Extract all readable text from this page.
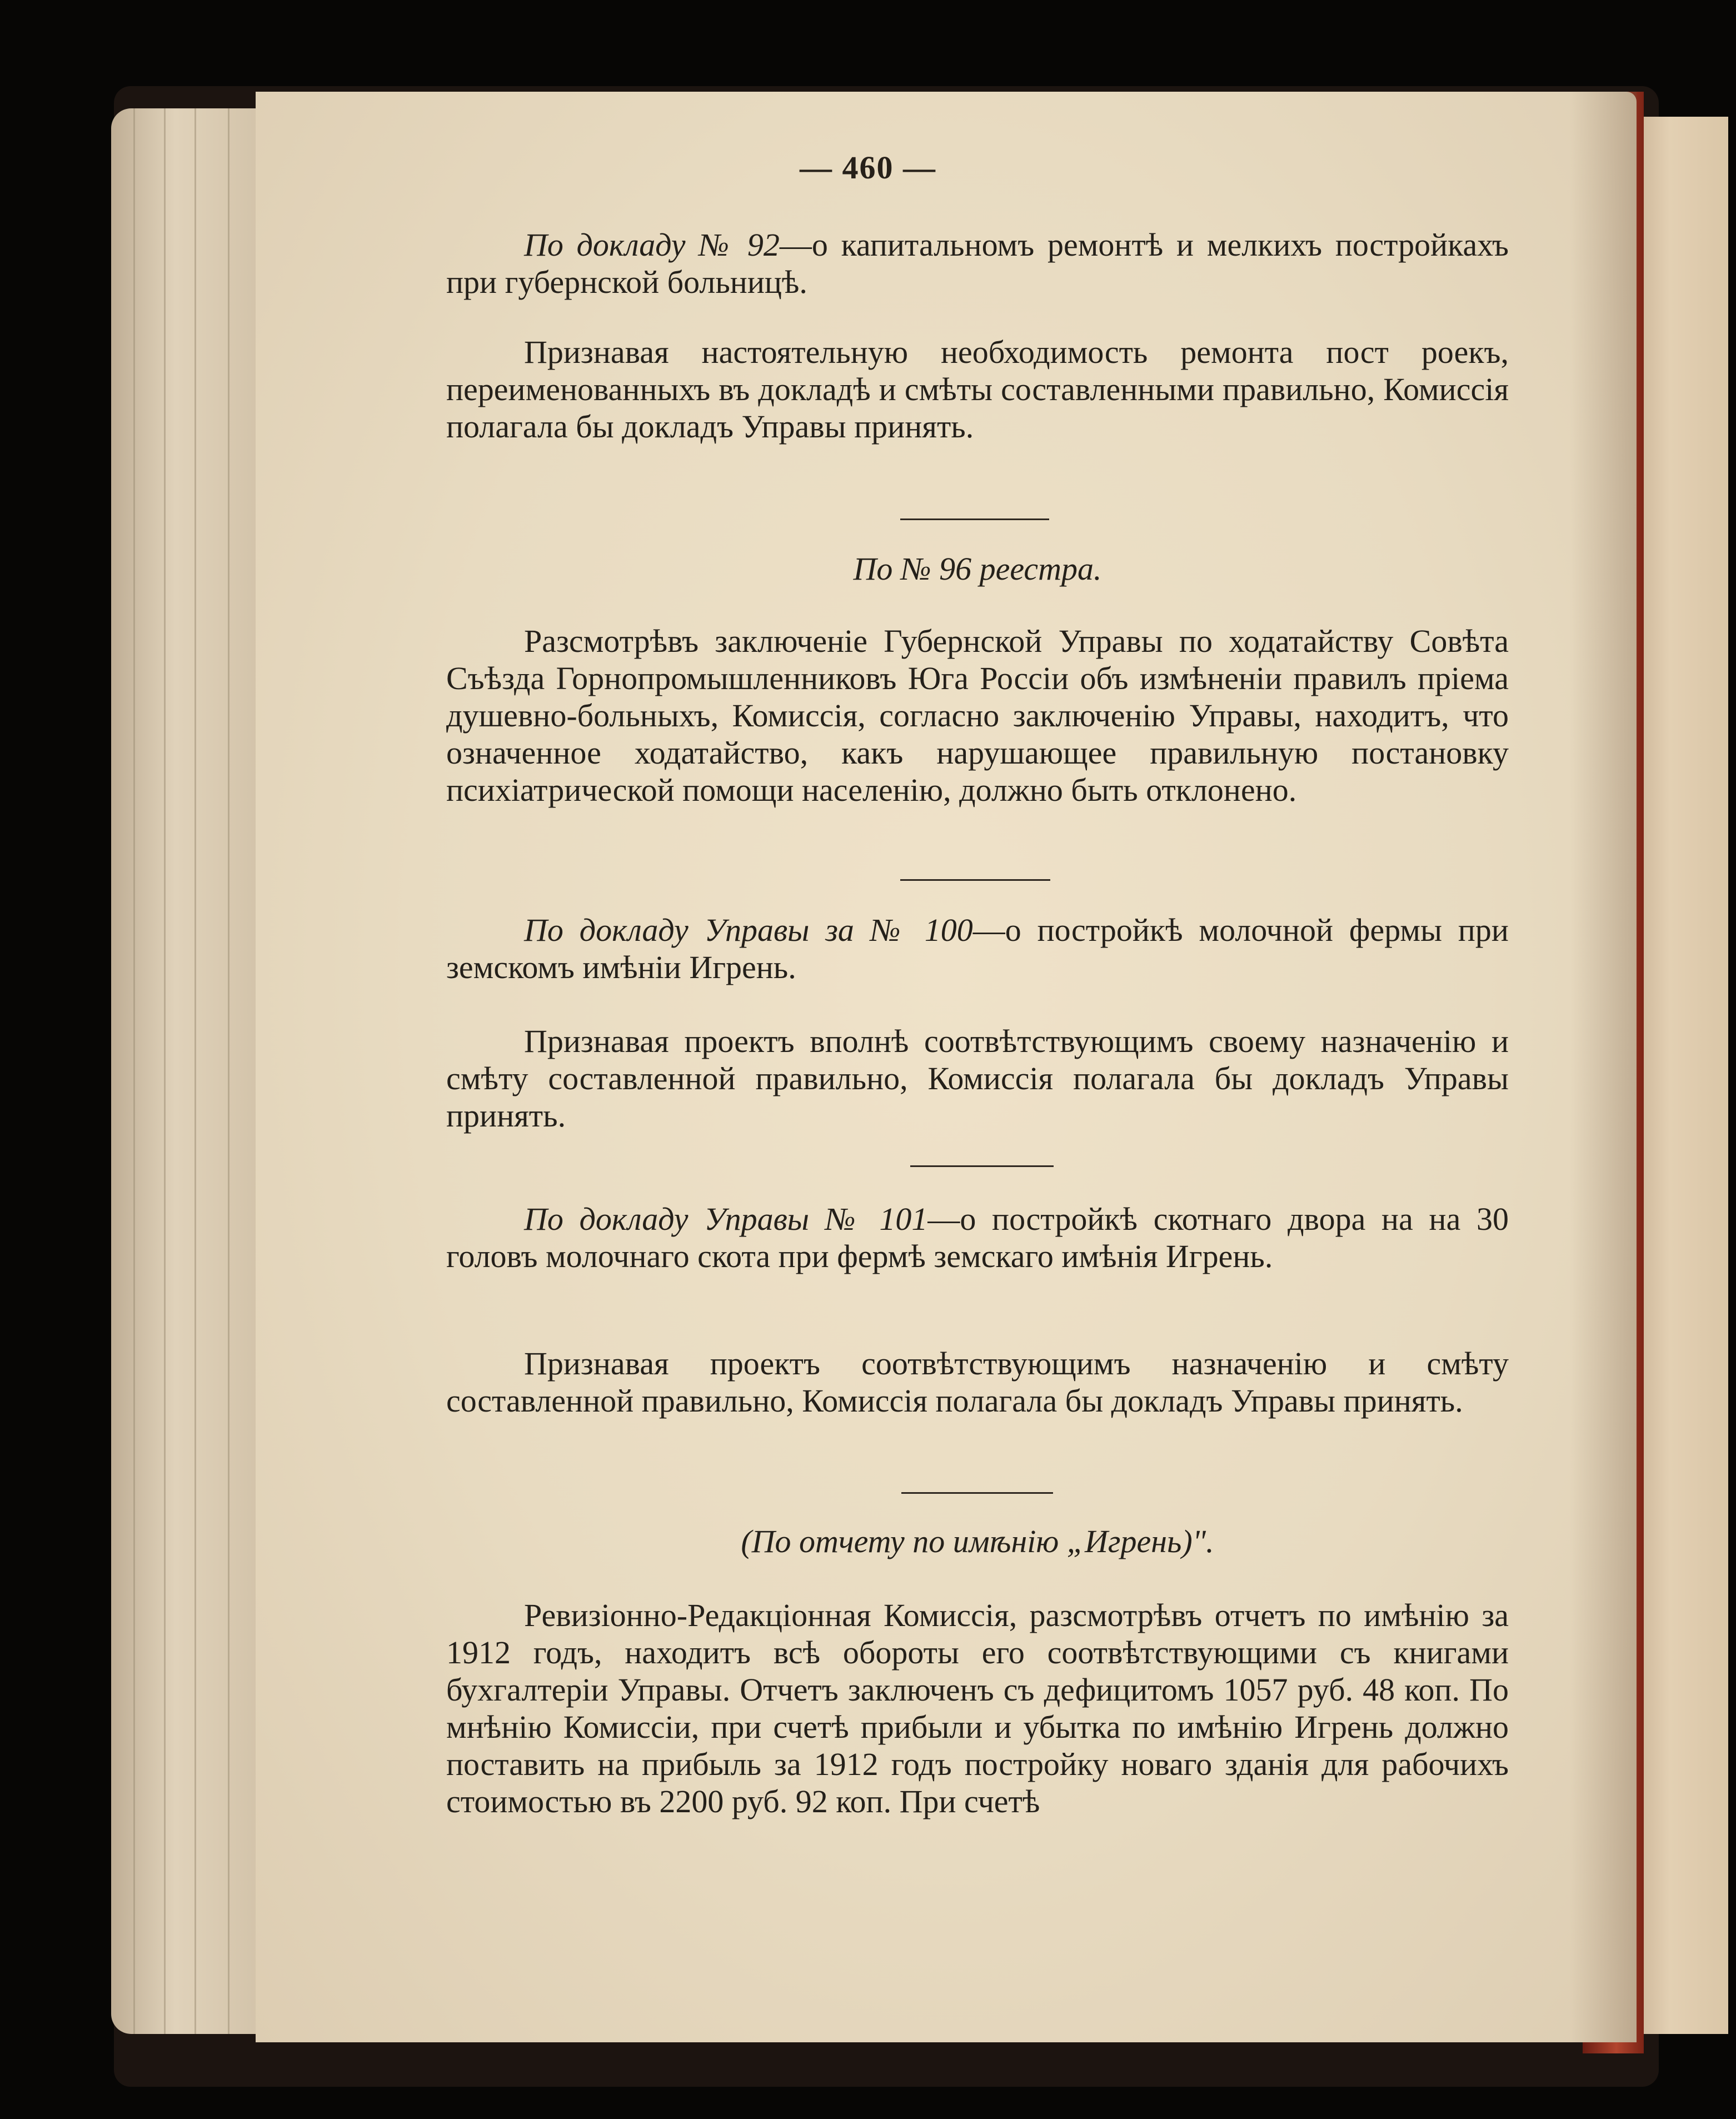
— 460 —

По докладу № 92—о капитальномъ ремонтѣ и мелкихъ постройкахъ при губернской больницѣ.

Признавая настоятельную необходимость ремонта пост роекъ, переименованныхъ въ докладѣ и смѣты составленными правильно, Комиссія полагала бы докладъ Управы принять.

По № 96 реестра.

Разсмотрѣвъ заключеніе Губернской Управы по ходатайству Совѣта Съѣзда Горнопромышленниковъ Юга Россіи объ измѣненіи правилъ пріема душевно-больныхъ, Комиссія, согласно заключенію Управы, находитъ, что означенное ходатайство, какъ нарушающее правильную постановку психіатрической помощи населенію, должно быть отклонено.

По докладу Управы за № 100—о постройкѣ молочной фермы при земскомъ имѣніи Игрень.

Признавая проектъ вполнѣ соотвѣтствующимъ своему назначенію и смѣту составленной правильно, Комиссія полагала бы докладъ Управы принять.

По докладу Управы № 101—о постройкѣ скотнаго двора на на 30 головъ молочнаго скота при фермѣ земскаго имѣнія Игрень.

Признавая проектъ соотвѣтствующимъ назначенію и смѣту составленной правильно, Комиссія полагала бы докладъ Управы принять.

(По отчету по имѣнію „Игрень)".

Ревизіонно-Редакціонная Комиссія, разсмотрѣвъ отчетъ по имѣнію за 1912 годъ, находитъ всѣ обороты его соотвѣтствующими съ книгами бухгалтеріи Управы. Отчетъ заключенъ съ дефицитомъ 1057 руб. 48 коп. По мнѣнію Комиссіи, при счетѣ прибыли и убытка по имѣнію Игрень должно поставить на прибыль за 1912 годъ постройку новаго зданія для рабочихъ стоимостью въ 2200 руб. 92 коп. При счетѣ
